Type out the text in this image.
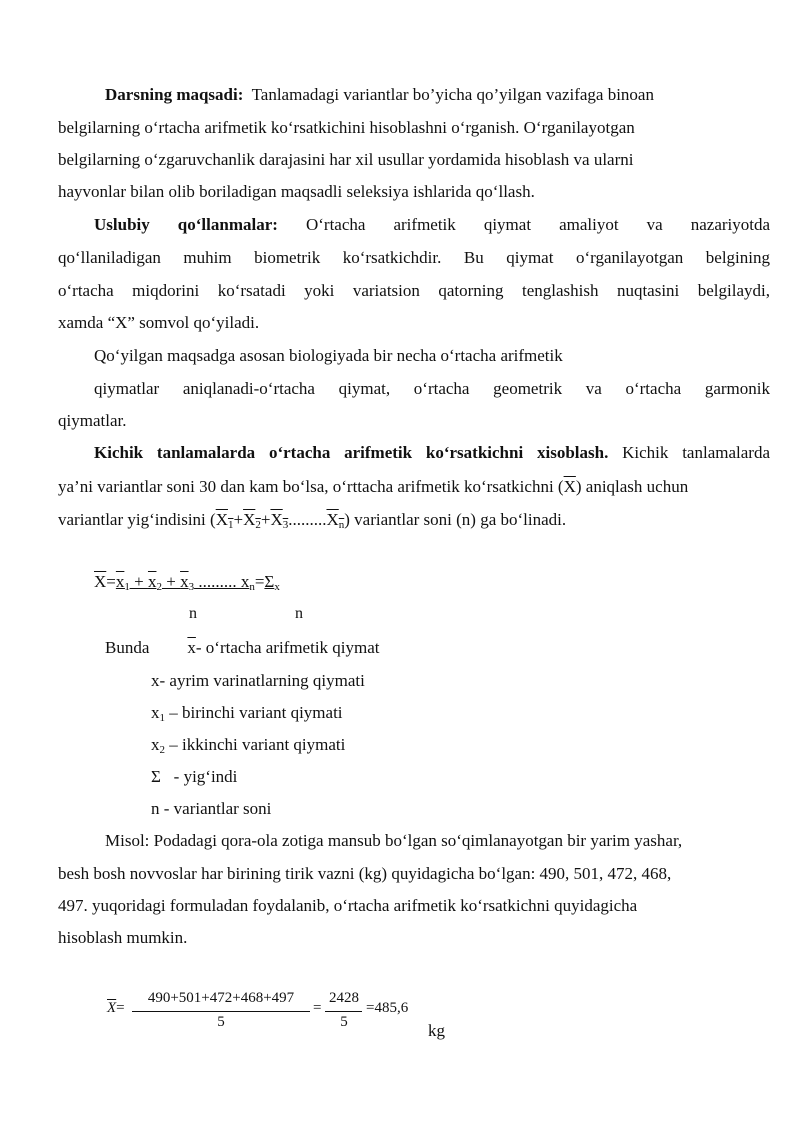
Darsning maqsadi: Tanlamadagi variantlar bo’yicha qo’yilgan vazifaga binoan
belgilarning o‘rtacha arifmetik ko‘rsatkichini hisoblashni o‘rganish. O‘rganilayotgan
belgilarning o‘zgaruvchanlik darajasini har xil usullar yordamida hisoblash va ularni
hayvonlar bilan olib boriladigan maqsadli seleksiya ishlarida qo‘llash.
Uslubiy qo‘llanmalar: O‘rtacha arifmetik qiymat amaliyot va nazariyotda
qo‘llaniladigan muhim biometrik ko‘rsatkichdir. Bu qiymat o‘rganilayotgan belgining
o‘rtacha miqdorini ko‘rsatadi yoki variatsion qatorning tenglashish nuqtasini belgilaydi,
xamda “X” somvol qo‘yiladi.
Qo‘yilgan maqsadga asosan biologiyada bir necha o‘rtacha arifmetik
qiymatlar aniqlanadi-o‘rtacha qiymat, o‘rtacha geometrik va o‘rtacha garmonik
qiymatlar.
Kichik tanlamalarda o‘rtacha arifmetik ko‘rsatkichni xisoblash. Kichik tanlamalarda
ya’ni variantlar soni 30 dan kam bo‘lsa, o‘rttacha arifmetik ko‘rsatkichni $(\overline{X})$ aniqlash uchun
variantlar yig‘indisini $(X_1+X_2+X_3.........X_n)$ variantlar soni (n) ga bo‘linadi.
$\overline{X}=x_1 + x_2 + x_3$ ......... $x_n=\Sigma_x$
n	n
Bunda $\overline{x}-$ o‘rtacha arifmetik qiymat
x- ayrim varinatlarning qiymati
$x_1$ – birinchi variant qiymati
$x_2$ – ikkinchi variant qiymati
Σ - yig‘indi
n - variantlar soni
Misol: Podadagi qora-ola zotiga mansub bo‘lgan so‘qimlanayotgan bir yarim yashar,
besh bosh novvoslar har birining tirik vazni (kg) quyidagicha bo‘lgan: 490, 501, 472, 468,
497. yuqoridagi formuladan foydalanib, o‘rtacha arifmetik ko‘rsatkichni quyidagicha
hisoblash mumkin.
$\overline{X}=$
490+501+472+468+497
5
=
2428
5
=485,6
kg
